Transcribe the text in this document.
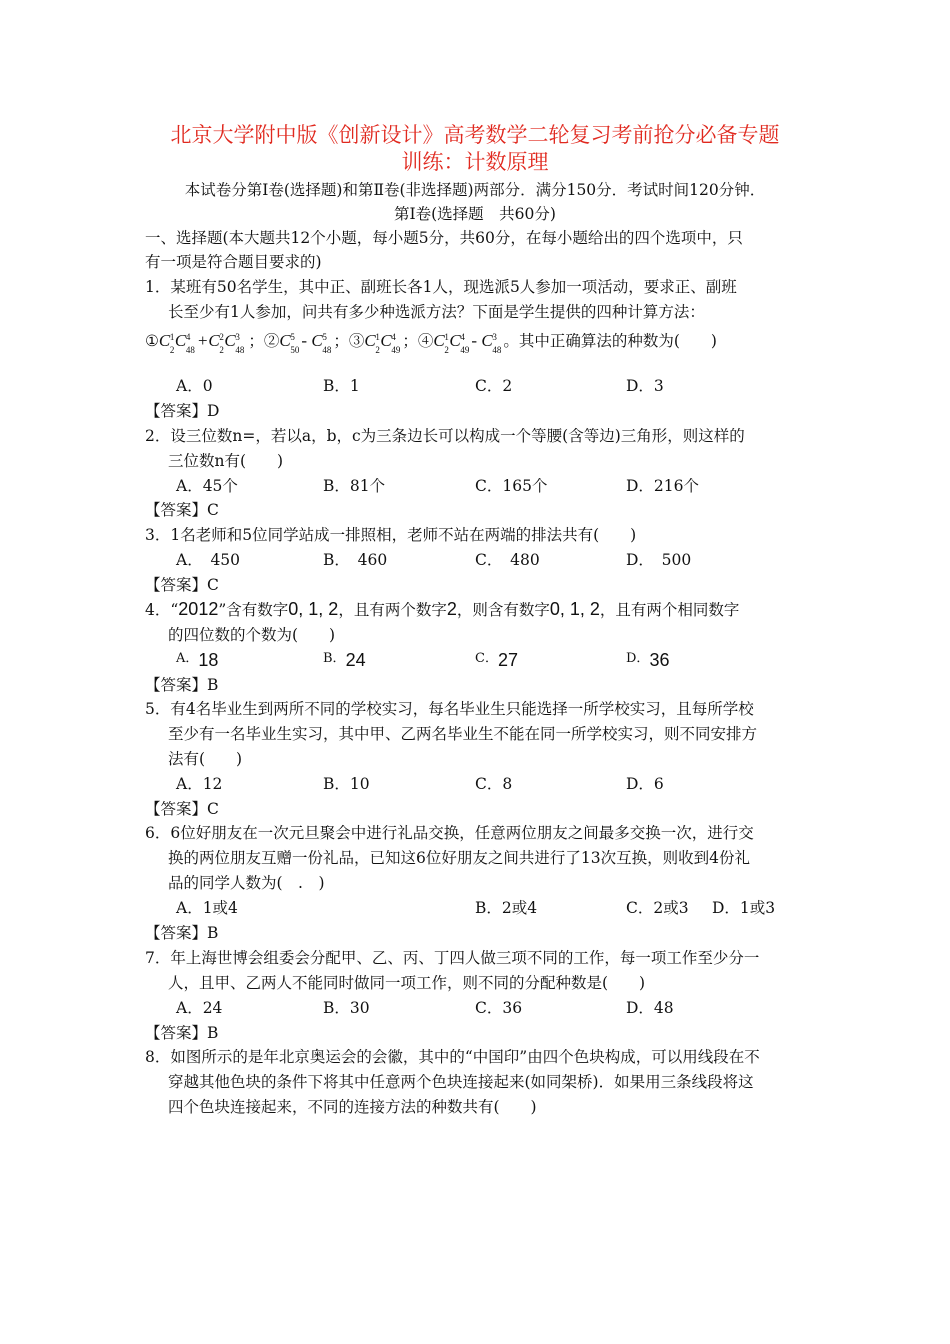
北京大学附中版《创新设计》高考数学二轮复习考前抢分必备专题
训练：计数原理
本试卷分第Ⅰ卷(选择题)和第Ⅱ卷(非选择题)两部分．满分150分．考试时间120分钟．
第Ⅰ卷(选择题　共60分)
一、选择题(本大题共12个小题，每小题5分，共60分，在每小题给出的四个选项中，只
有一项是符合题目要求的)
1．某班有50名学生，其中正、副班长各1人，现选派5人参加一项活动，要求正、副班
长至少有1人参加，问共有多少种选派方法？下面是学生提供的四种计算方法：
①C 1
2 C 4
48 +C 2
2 C 3
48 ；②C 5
50 - C 5
48 ；③C 1
2 C 4
49 ；④C 1
2 C 4
49 - C 3
48 。其中正确算法的种数为(　　)
A．0	B．1	C．2	D．3
【答案】D
2．设三位数n=，若以a，b，c为三条边长可以构成一个等腰(含等边)三角形，则这样的
三位数n有(　　)
A．45个	B．81个	C．165个	D．216个
【答案】C
3．1名老师和5位同学站成一排照相，老师不站在两端的排法共有(　　)
A．　450	B．　460	C．　480	D．　500
【答案】C
4．“2012”含有数字0, 1, 2，且有两个数字2，则含有数字0, 1, 2，且有两个相同数字
的四位数的个数为(　　)
$^{A.}$18	$^{B.}$24	$^{C.}$27	$^{D.}$36
【答案】B
5．有4名毕业生到两所不同的学校实习，每名毕业生只能选择一所学校实习，且每所学校
至少有一名毕业生实习，其中甲、乙两名毕业生不能在同一所学校实习，则不同安排方
法有(　　)
A．12	B．10	C．8	D．6
【答案】C
6．6位好朋友在一次元旦聚会中进行礼品交换，任意两位朋友之间最多交换一次，进行交
换的两位朋友互赠一份礼品，已知这6位好朋友之间共进行了13次互换，则收到4份礼
品的同学人数为(　.　)
A．1或4	B．2或4	C．2或3 D．1或3
【答案】B
7．年上海世博会组委会分配甲、乙、丙、丁四人做三项不同的工作，每一项工作至少分一
人，且甲、乙两人不能同时做同一项工作，则不同的分配种数是(　　)
A．24	B．30	C．36	D．48
【答案】B
8．如图所示的是年北京奥运会的会徽，其中的“中国印”由四个色块构成，可以用线段在不
穿越其他色块的条件下将其中任意两个色块连接起来(如同架桥)．如果用三条线段将这
四个色块连接起来，不同的连接方法的种数共有(　　)
